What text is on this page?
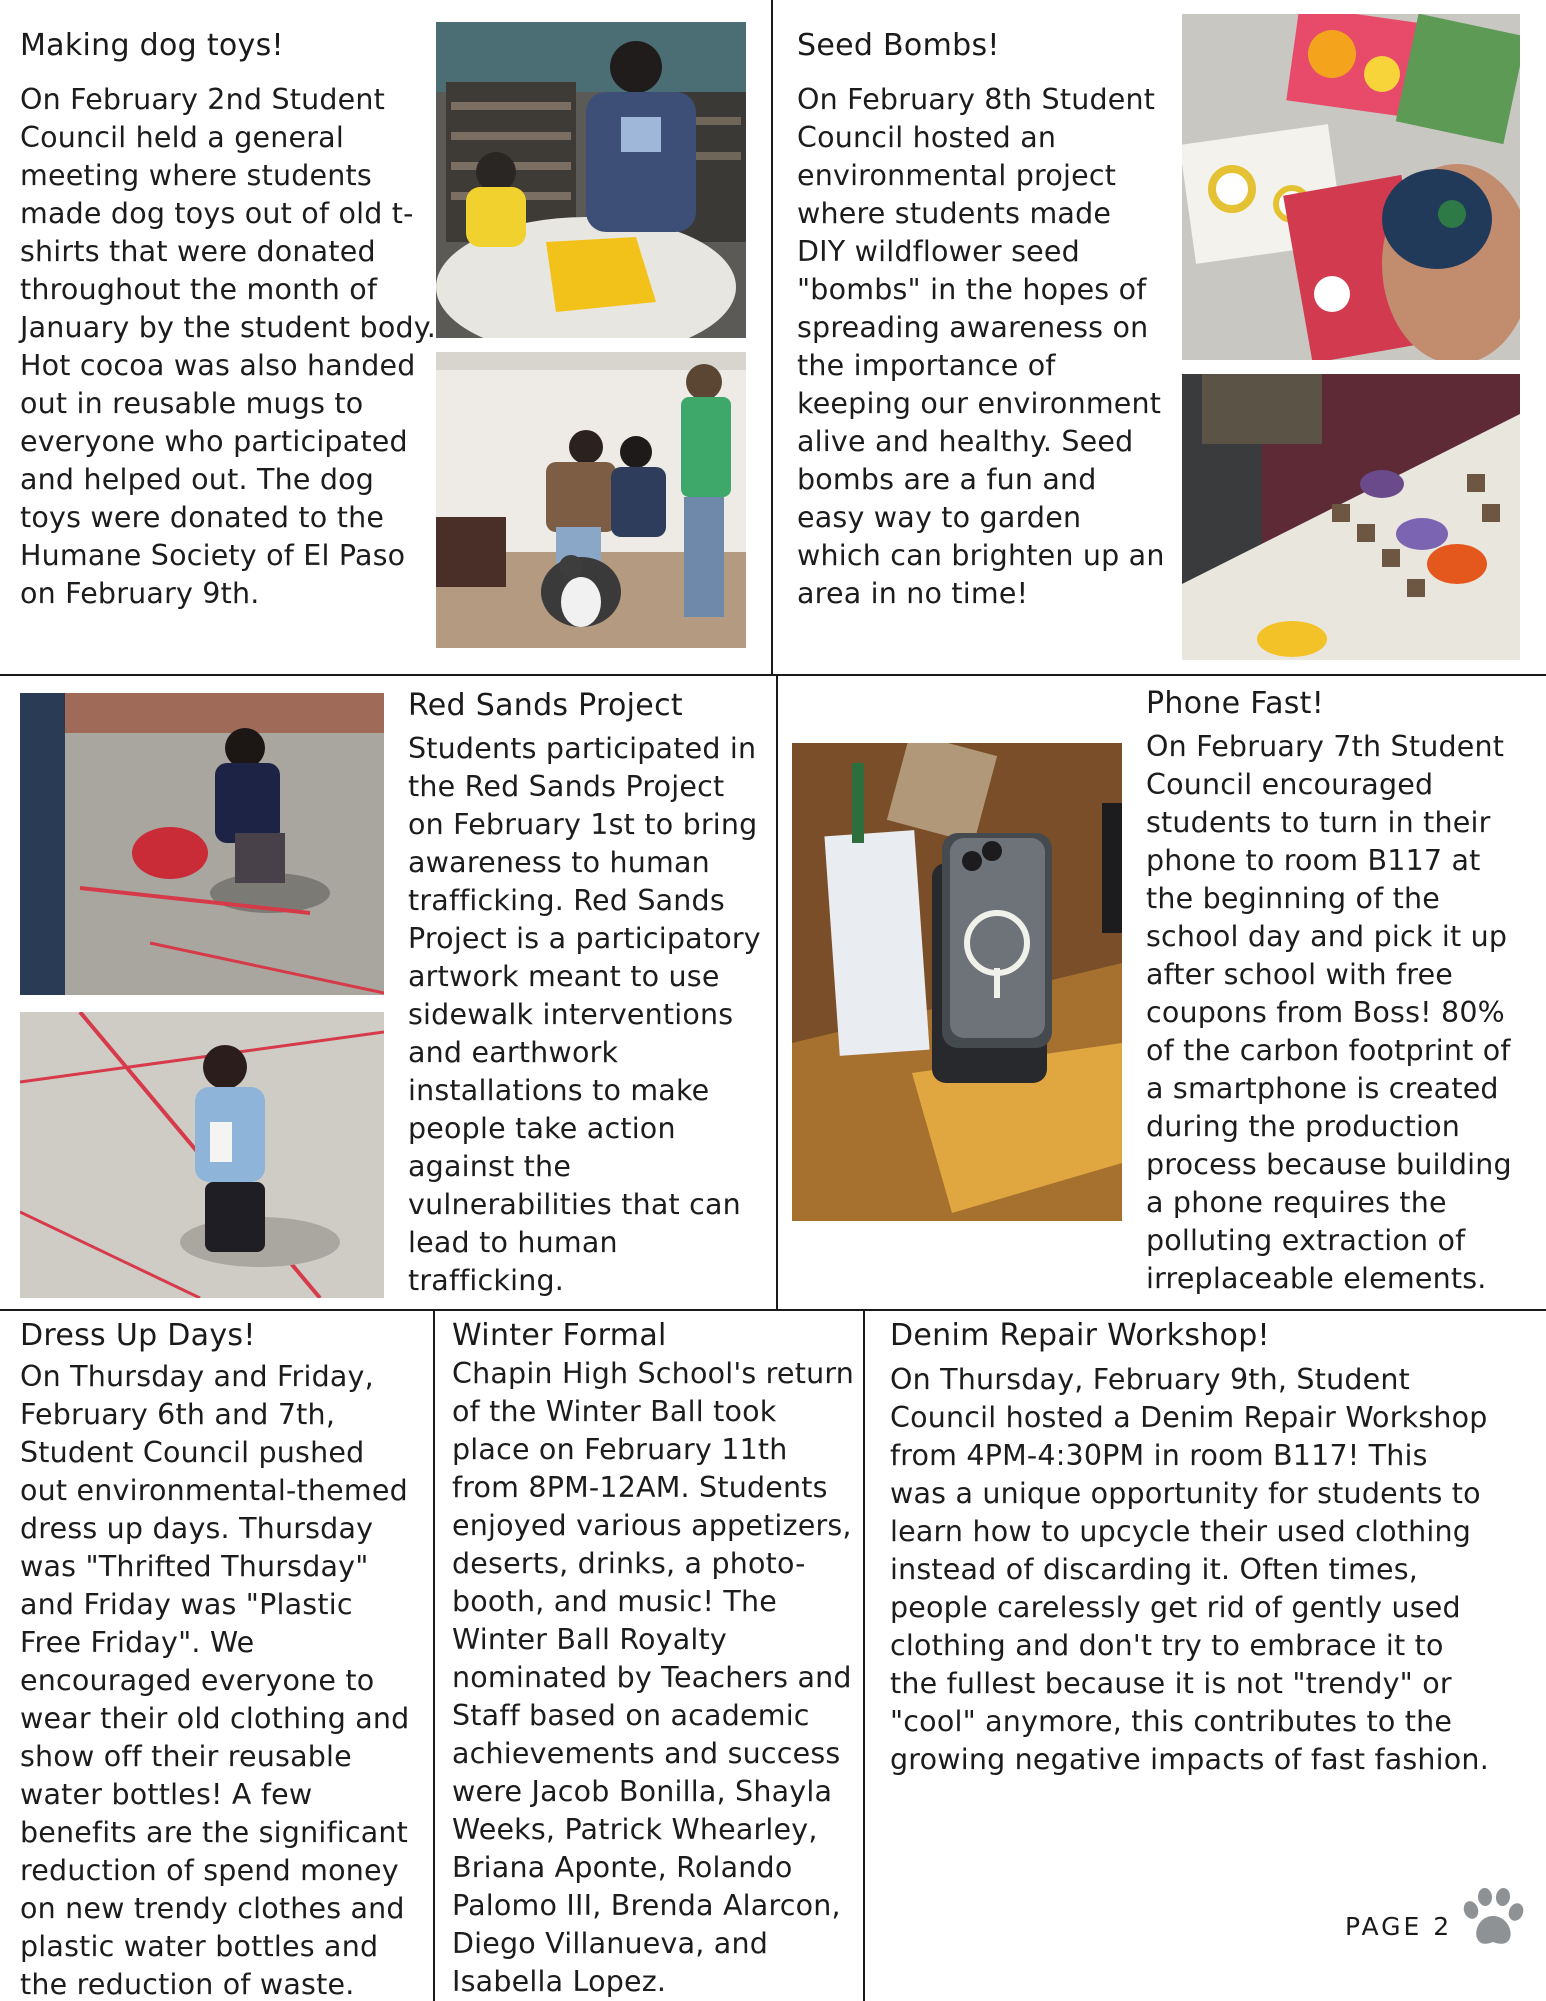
Making dog toys!

On February 2nd Student Council held a general meeting where students made dog toys out of old t-shirts that were donated throughout the month of January by the student body. Hot cocoa was also handed out in reusable mugs to everyone who participated and helped out. The dog toys were donated to the Humane Society of El Paso on February 9th.

Seed Bombs!

On February 8th Student Council hosted an environmental project where students made DIY wildflower seed "bombs" in the hopes of spreading awareness on the importance of keeping our environment alive and healthy. Seed bombs are a fun and easy way to garden which can brighten up an area in no time!

Red Sands Project

Students participated in the Red Sands Project on February 1st to bring awareness to human trafficking. Red Sands Project is a participatory artwork meant to use sidewalk interventions and earthwork installations to make people take action against the vulnerabilities that can lead to human trafficking.

Phone Fast!

On February 7th Student Council encouraged students to turn in their phone to room B117 at the beginning of the school day and pick it up after school with free coupons from Boss! 80% of the carbon footprint of a smartphone is created during the production process because building a phone requires the polluting extraction of irreplaceable elements.

Dress Up Days!

On Thursday and Friday, February 6th and 7th, Student Council pushed out environmental-themed dress up days. Thursday was "Thrifted Thursday" and Friday was "Plastic Free Friday". We encouraged everyone to wear their old clothing and show off their reusable water bottles! A few benefits are the significant reduction of spend money on new trendy clothes and plastic water bottles and the reduction of waste.

Winter Formal

Chapin High School's return of the Winter Ball took place on February 11th from 8PM-12AM. Students enjoyed various appetizers, deserts, drinks, a photo-booth, and music! The Winter Ball Royalty nominated by Teachers and Staff based on academic achievements and success were Jacob Bonilla, Shayla Weeks, Patrick Whearley, Briana Aponte, Rolando Palomo III, Brenda Alarcon, Diego Villanueva, and Isabella Lopez.

Denim Repair Workshop!

On Thursday, February 9th, Student Council hosted a Denim Repair Workshop from 4PM-4:30PM in room B117! This was a unique opportunity for students to learn how to upcycle their used clothing instead of discarding it. Often times, people carelessly get rid of gently used clothing and don't try to embrace it to the fullest because it is not "trendy" or "cool" anymore, this contributes to the growing negative impacts of fast fashion.

PAGE 2
